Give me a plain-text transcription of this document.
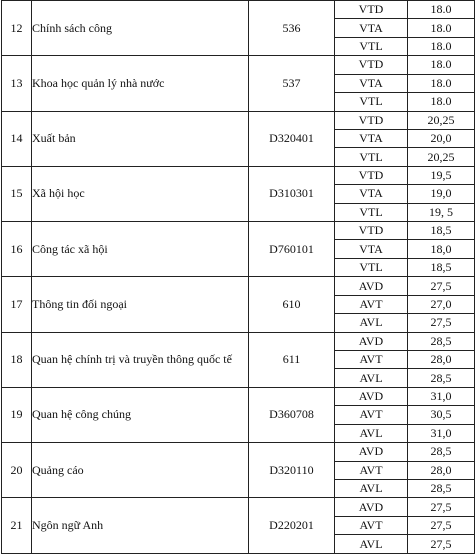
12	Chính sách công	536	VTD	18.0
			VTA	18.0
			VTL	18.0
13	Khoa học quản lý nhà nước	537	VTD	18.0
			VTA	18.0
			VTL	18.0
14	Xuất bản	D320401	VTD	20,25
			VTA	20,0
			VTL	20,25
15	Xã hội học	D310301	VTD	19,5
			VTA	19,0
			VTL	19, 5
16	Công tác xã hội	D760101	VTD	18,5
			VTA	18,0
			VTL	18,5
17	Thông tin đối ngoại	610	AVD	27,5
			AVT	27,0
			AVL	27,5
18	Quan hệ chính trị và truyền thông quốc tế	611	AVD	28,5
			AVT	28,0
			AVL	28,5
19	Quan hệ công chúng	D360708	AVD	31,0
			AVT	30,5
			AVL	31,0
20	Quảng cáo	D320110	AVD	28,5
			AVT	28,0
			AVL	28,5
21	Ngôn ngữ Anh	D220201	AVD	27,5
			AVT	27,5
			AVL	27,5
